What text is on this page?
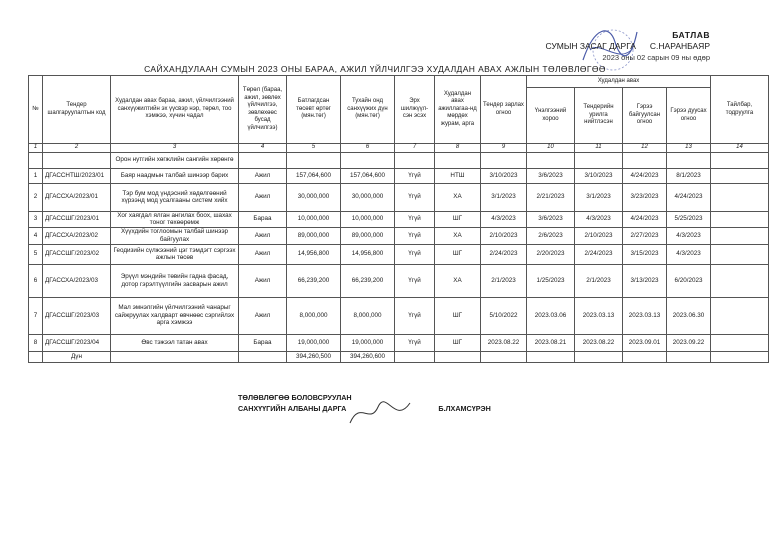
БАТЛАВ
СУМЫН ЗАСАГ ДАРГА С.НАРАНБАЯР
2023 оны 02 сарын 09 ны өдөр
САЙХАНДУЛААН СУМЫН 2023 ОНЫ БАРАА, АЖИЛ ҮЙЛЧИЛГЭЭ ХУДАЛДАН АВАХ АЖЛЫН ТӨЛӨВЛӨГӨӨ
№	Тендер шалгаруулалтын код	Худалдан авах бараа, ажил, үйлчилгээний санхүүжилтийн эх үүсвэр нэр, төрөл, тоо хэмжээ, хүчин чадал	Төрөл (бараа, ажил, зөвлөх үйлчилгээ, зөвлөхөөс бусад үйлчилгээ)	Батлагдсан төсөвт өртөг (мян.төг)	Тухайн онд санхүүжих дүн (мян.төг)	Эрх шилжүүл-сэн эсэх	Худалдан авах ажиллагаа-нд мөрдөх журам, арга	Тендер зарлах огноо	Худалдан авах				Тайлбар, тодруулга
									Үнэлгээний хороо	Тендерийн урилга нийтлэсэн	Гэрээ байгуулсан огноо	Гэрээ дуусах огноо	
1	2	3	4	5	6	7	8	9	10	11	12	13	14
		Орон нутгийн хөгжлийн сангийн хөрөнгө											
1	ДГАССНТШ/2023/01	Баяр наадмын талбай шинээр барих	Ажил	157,064,600	157,064,600	Үгүй	НТШ	3/10/2023	3/6/2023	3/10/2023	4/24/2023	8/1/2023	
2	ДГАССХА/2023/01	Тэр бум мод үндэсний хөдөлгөөний хүрээнд мод усалгааны систем хийх	Ажил	30,000,000	30,000,000	Үгүй	ХА	3/1/2023	2/21/2023	3/1/2023	3/23/2023	4/24/2023	
3	ДГАССШГ/2023/01	Хог хаягдал ялган ангилах боох, шахах тоног төхөөрөмж	Бараа	10,000,000	10,000,000	Үгүй	ШГ	4/3/2023	3/6/2023	4/3/2023	4/24/2023	5/25/2023	
4	ДГАССХА/2023/02	Хүүхдийн тоглоомын талбай шинээр байгуулах	Ажил	89,000,000	89,000,000	Үгүй	ХА	2/10/2023	2/6/2023	2/10/2023	2/27/2023	4/3/2023	
5	ДГАССШГ/2023/02	Геодизийн сүлжээний цэг тэмдэгт сэргээх ажлын төсөв	Ажил	14,956,800	14,956,800	Үгүй	ШГ	2/24/2023	2/20/2023	2/24/2023	3/15/2023	4/3/2023	
6	ДГАССХА/2023/03	Эрүүл мэндийн төвийн гадна фасад, дотор гэрэлтүүлгийн засварын ажил	Ажил	66,239,200	66,239,200	Үгүй	ХА	2/1/2023	1/25/2023	2/1/2023	3/13/2023	6/20/2023	
7	ДГАССШГ/2023/03	Мал эмнэлгийн үйлчилгээний чанарыг сайжруулах халдварт өвчнөөс сэргийлэх арга хэмжээ	Ажил	8,000,000	8,000,000	Үгүй	ШГ	5/10/2022	2023.03.06	2023.03.13	2023.03.13	2023.06.30	
8	ДГАССШГ/2023/04	Өвс тэжээл татан авах	Бараа	19,000,000	19,000,000	Үгүй	ШГ	2023.08.22	2023.08.21	2023.08.22	2023.09.01	2023.09.22	
	Дүн			394,260,500	394,260,600								
ТӨЛӨВЛӨГӨӨ БОЛОВСРУУЛАН
САНХҮҮГИЙН АЛБАНЫ ДАРГА	Б.ЛХАМСҮРЭН
